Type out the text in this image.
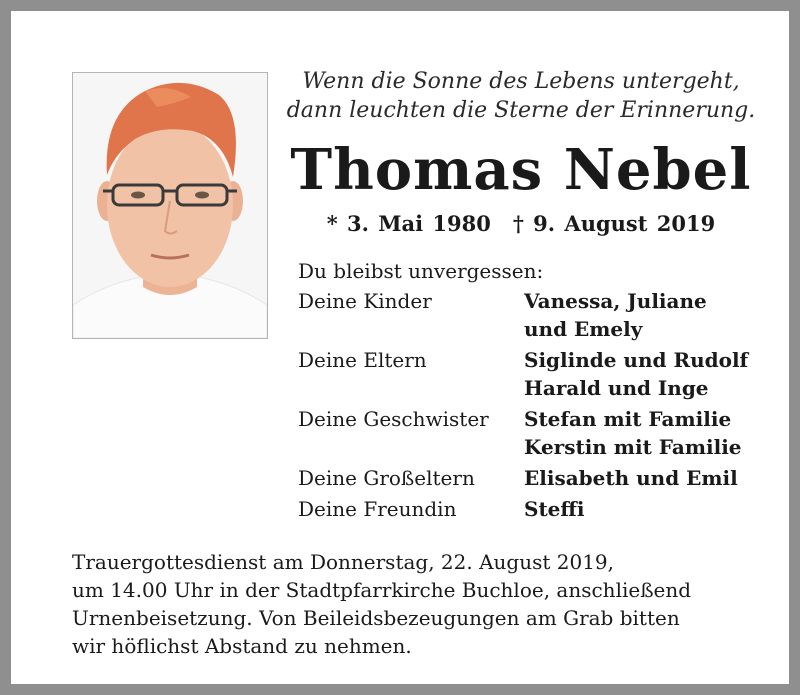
Wenn die Sonne des Lebens untergeht,
dann leuchten die Sterne der Erinnerung.
Thomas Nebel
* 3. Mai 1980 † 9. August 2019
Du bleibst unvergessen:
Deine Kinder	Vanessa, Juliane
und Emely

Deine Eltern	Siglinde und Rudolf
Harald und Inge

Deine Geschwister	Stefan mit Familie
Kerstin mit Familie

Deine Großeltern	Elisabeth und Emil

Deine Freundin	Steffi
Trauergottesdienst am Donnerstag, 22. August 2019,
um 14.00 Uhr in der Stadtpfarrkirche Buchloe, anschließend
Urnenbeisetzung. Von Beileidsbezeugungen am Grab bitten
wir höflichst Abstand zu nehmen.
